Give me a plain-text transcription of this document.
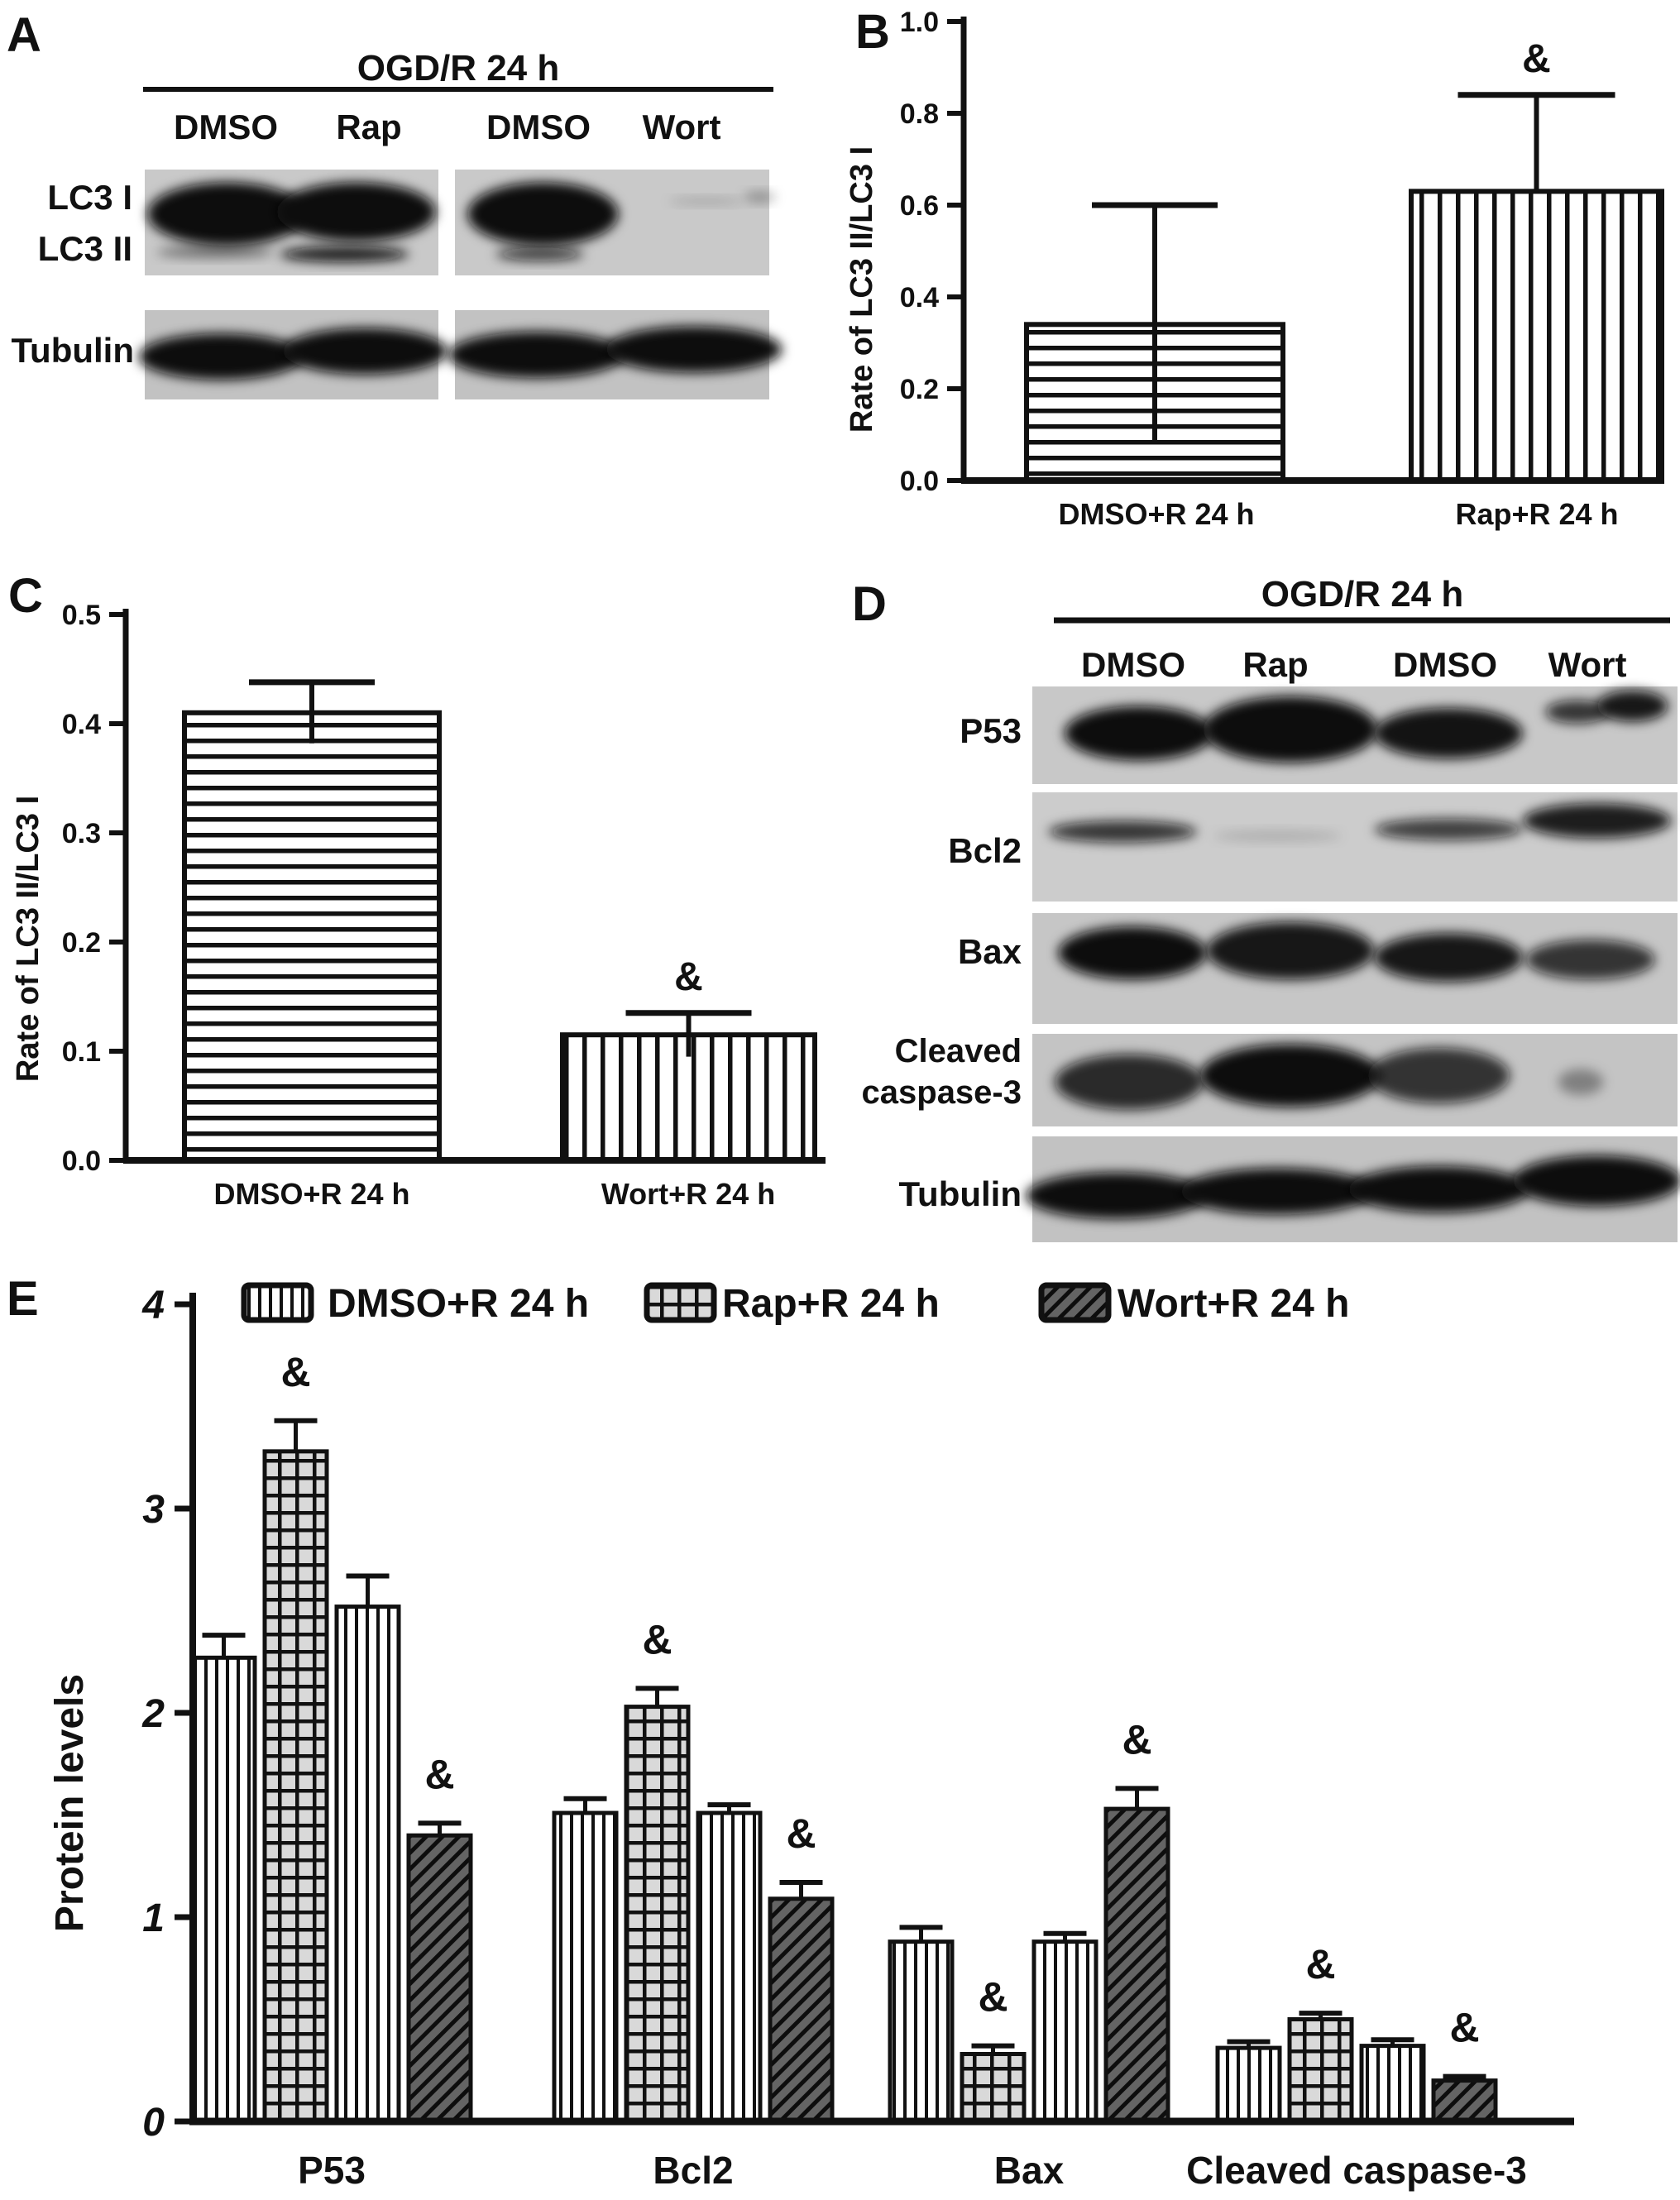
A	B
C	D
E
OGD/R 24 h
OGD/R 24 h
Rate of LC3 II/LC3 I
Rate of LC3 II/LC3 I
Protein levels
DMSO Rap DMSO Wort
DMSO Rap DMSO Wort
LC3 I
LC3 II
Tubulin
P53
Bcl2
Bax
Cleaved
caspase-3
Tubulin
DMSO+R 24 h
&
Rap+R 24 h
0.0
0.2
0.4
0.6
0.8
1.0
DMSO+R 24 h
&
Wort+R 24 h
0.0
0.1
0.2
0.3
0.4
0.5
&
&
&
&
&
&
&
&
0
1
2
3
4
P53	Bcl2	Bax	Cleaved caspase-3
DMSO+R 24 h	Rap+R 24 h	Wort+R 24 h
